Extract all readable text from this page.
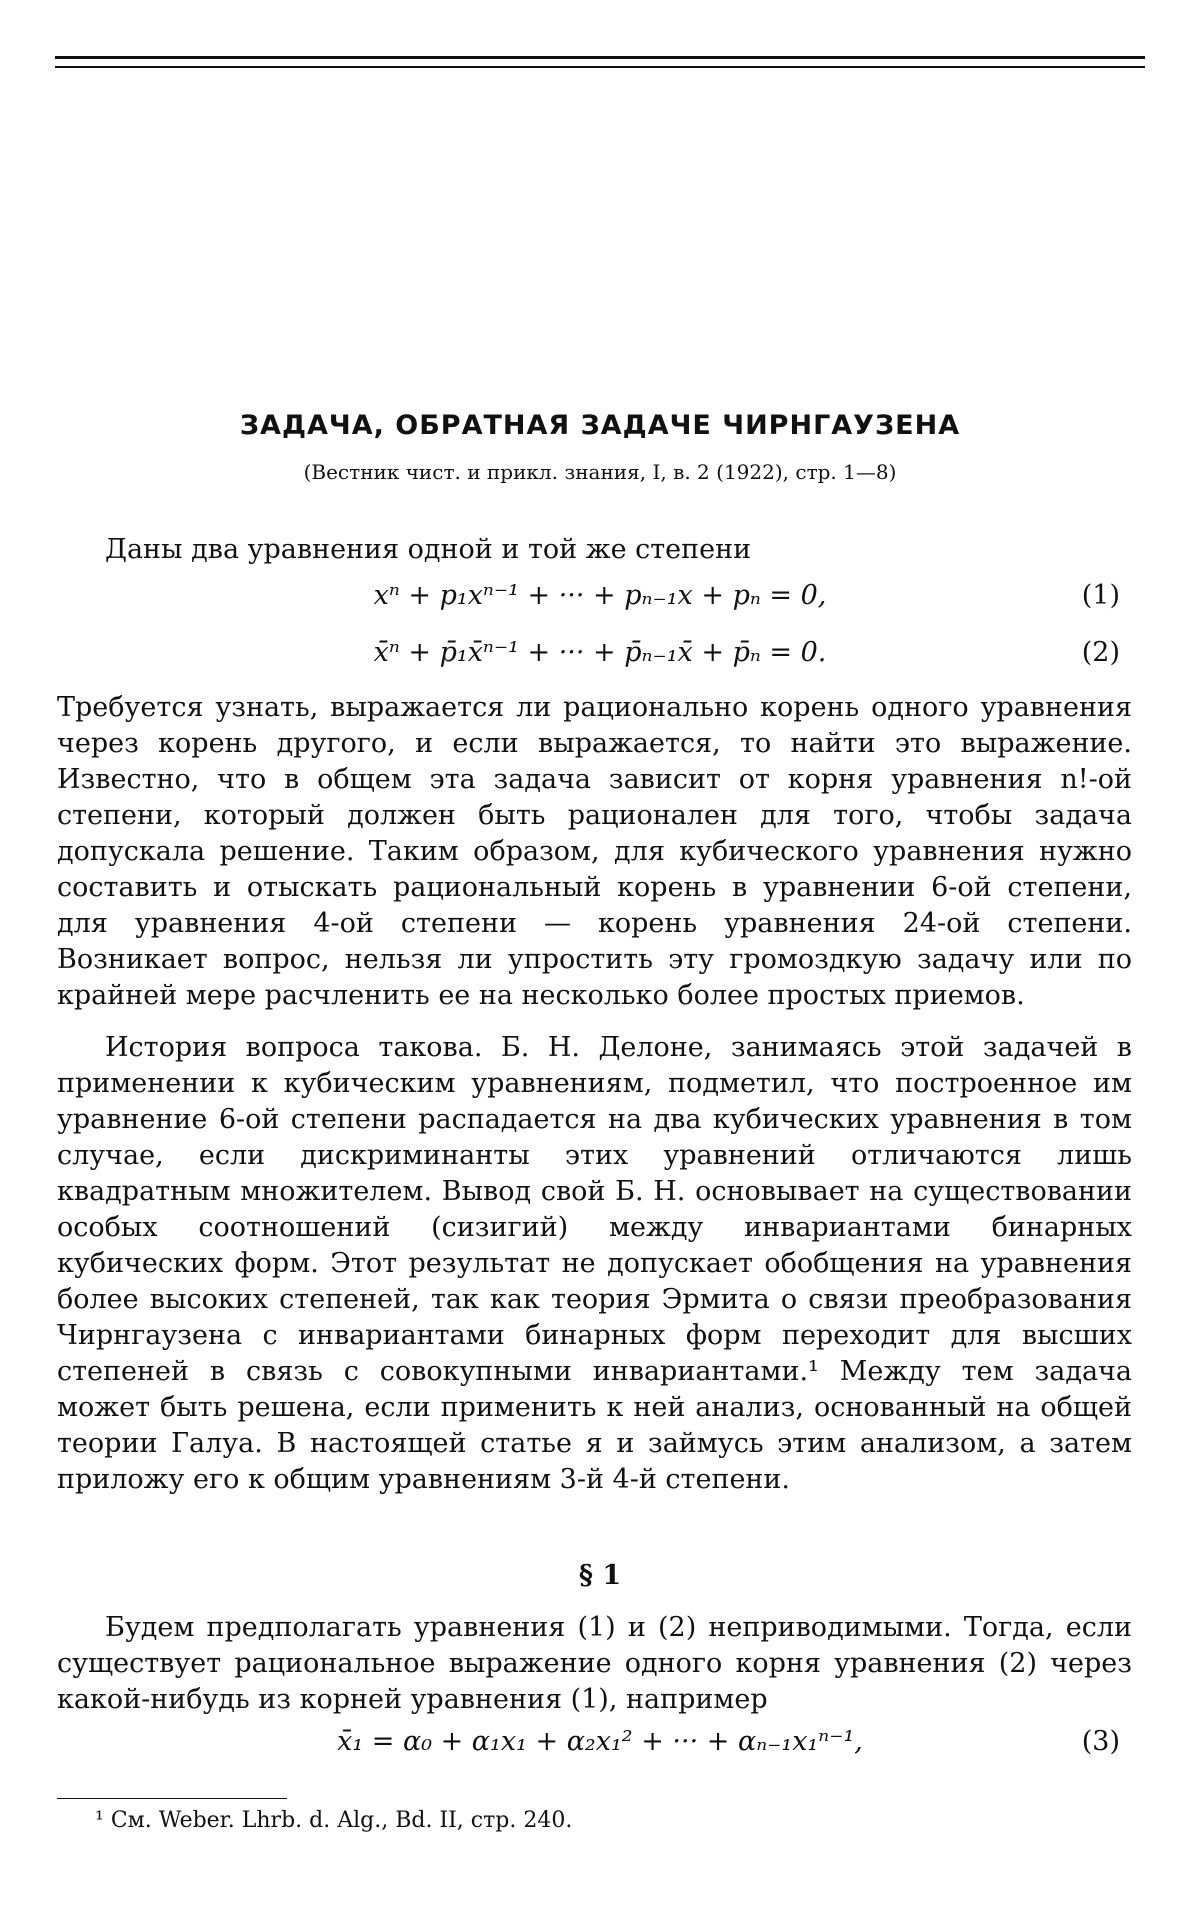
ЗАДАЧА, ОБРАТНАЯ ЗАДАЧЕ ЧИРНГАУЗЕНА
(Вестник чист. и прикл. знания, I, в. 2 (1922), стр. 1—8)
Даны два уравнения одной и той же степени
xⁿ + p₁xⁿ⁻¹ + ··· + pₙ₋₁x + pₙ = 0,	(1)
x̄ⁿ + p̄₁x̄ⁿ⁻¹ + ··· + p̄ₙ₋₁x̄ + p̄ₙ = 0.	(2)
Требуется узнать, выражается ли рационально корень одного уравнения через корень другого, и если выражается, то найти это выражение. Известно, что в общем эта задача зависит от корня уравнения n!-ой степени, который должен быть рационален для того, чтобы задача допускала решение. Таким образом, для кубического уравнения нужно составить и отыскать рациональный корень в уравнении 6-ой степени, для уравнения 4-ой степени — корень уравнения 24-ой степени. Возникает вопрос, нельзя ли упростить эту громоздкую задачу или по крайней мере расчленить ее на несколько более простых приемов.
История вопроса такова. Б. Н. Делоне, занимаясь этой задачей в применении к кубическим уравнениям, подметил, что построенное им уравнение 6-ой степени распадается на два кубических уравнения в том случае, если дискриминанты этих уравнений отличаются лишь квадратным множителем. Вывод свой Б. Н. основывает на существовании особых соотношений (сизигий) между инвариантами бинарных кубических форм. Этот результат не допускает обобщения на уравнения более высоких степеней, так как теория Эрмита о связи преобразования Чирнгаузена с инвариантами бинарных форм переходит для высших степеней в связь с совокупными инвариантами.¹ Между тем задача может быть решена, если применить к ней анализ, основанный на общей теории Галуа. В настоящей статье я и займусь этим анализом, а затем приложу его к общим уравнениям 3-й 4-й степени.
§ 1
Будем предполагать уравнения (1) и (2) неприводимыми. Тогда, если существует рациональное выражение одного корня уравнения (2) через какой-нибудь из корней уравнения (1), например
x̄₁ = α₀ + α₁x₁ + α₂x₁² + ··· + αₙ₋₁x₁ⁿ⁻¹,	(3)
¹ См. Weber. Lhrb. d. Alg., Bd. II, стр. 240.
